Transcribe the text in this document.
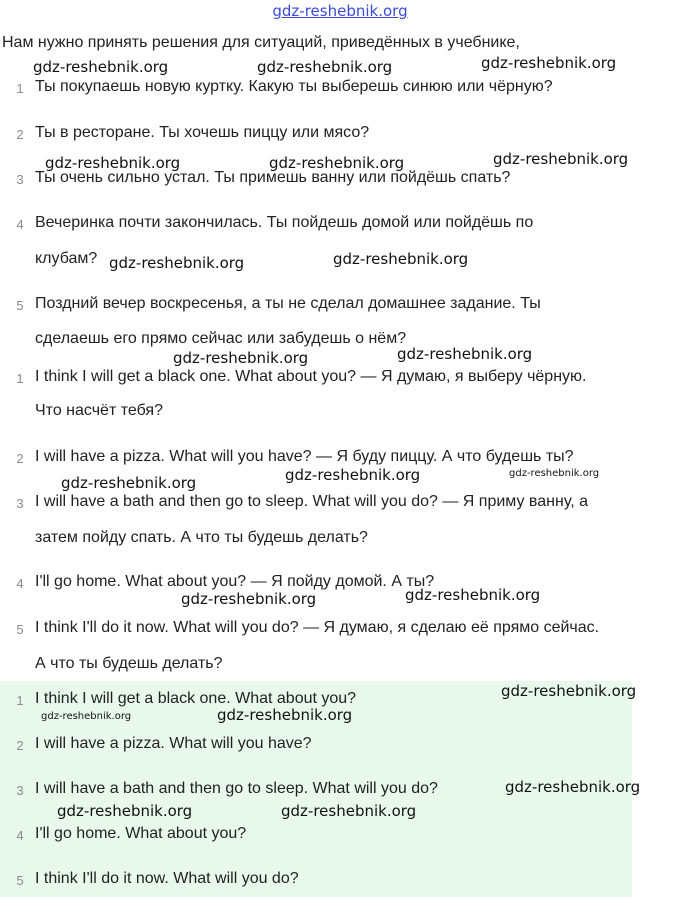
gdz-reshebnik.org
Нам нужно принять решения для ситуаций, приведённых в учебнике,
1 Ты покупаешь новую куртку. Какую ты выберешь синюю или чёрную?
2 Ты в ресторане. Ты хочешь пиццу или мясо?
3 Ты очень сильно устал. Ты примешь ванну или пойдёшь спать?
4 Вечеринка почти закончилась. Ты пойдешь домой или пойдёшь по
клубам?
5 Поздний вечер воскресенья, а ты не сделал домашнее задание. Ты
сделаешь его прямо сейчас или забудешь о нём?
1 I think I will get a black one. What about you? — Я думаю, я выберу чёрную.
Что насчёт тебя?
2 I will have a pizza. What will you have? — Я буду пиццу. А что будешь ты?
3 I will have a bath and then go to sleep. What will you do? — Я приму ванну, а
затем пойду спать. А что ты будешь делать?
4 I'll go home. What about you? — Я пойду домой. А ты?
5 I think I'll do it now. What will you do? — Я думаю, я сделаю её прямо сейчас.
А что ты будешь делать?
1 I think I will get a black one. What about you?
2 I will have a pizza. What will you have?
3 I will have a bath and then go to sleep. What will you do?
4 I'll go home. What about you?
5 I think I'll do it now. What will you do?
gdz-reshebnik.org	gdz-reshebnik.org	gdz-reshebnik.org
gdz-reshebnik.org	gdz-reshebnik.org	gdz-reshebnik.org
gdz-reshebnik.org	gdz-reshebnik.org
gdz-reshebnik.org	gdz-reshebnik.org
gdz-reshebnik.org	gdz-reshebnik.org
gdz-reshebnik.org
gdz-reshebnik.org	gdz-reshebnik.org
gdz-reshebnik.org
gdz-reshebnik.org	gdz-reshebnik.org
gdz-reshebnik.org
gdz-reshebnik.org	gdz-reshebnik.org
